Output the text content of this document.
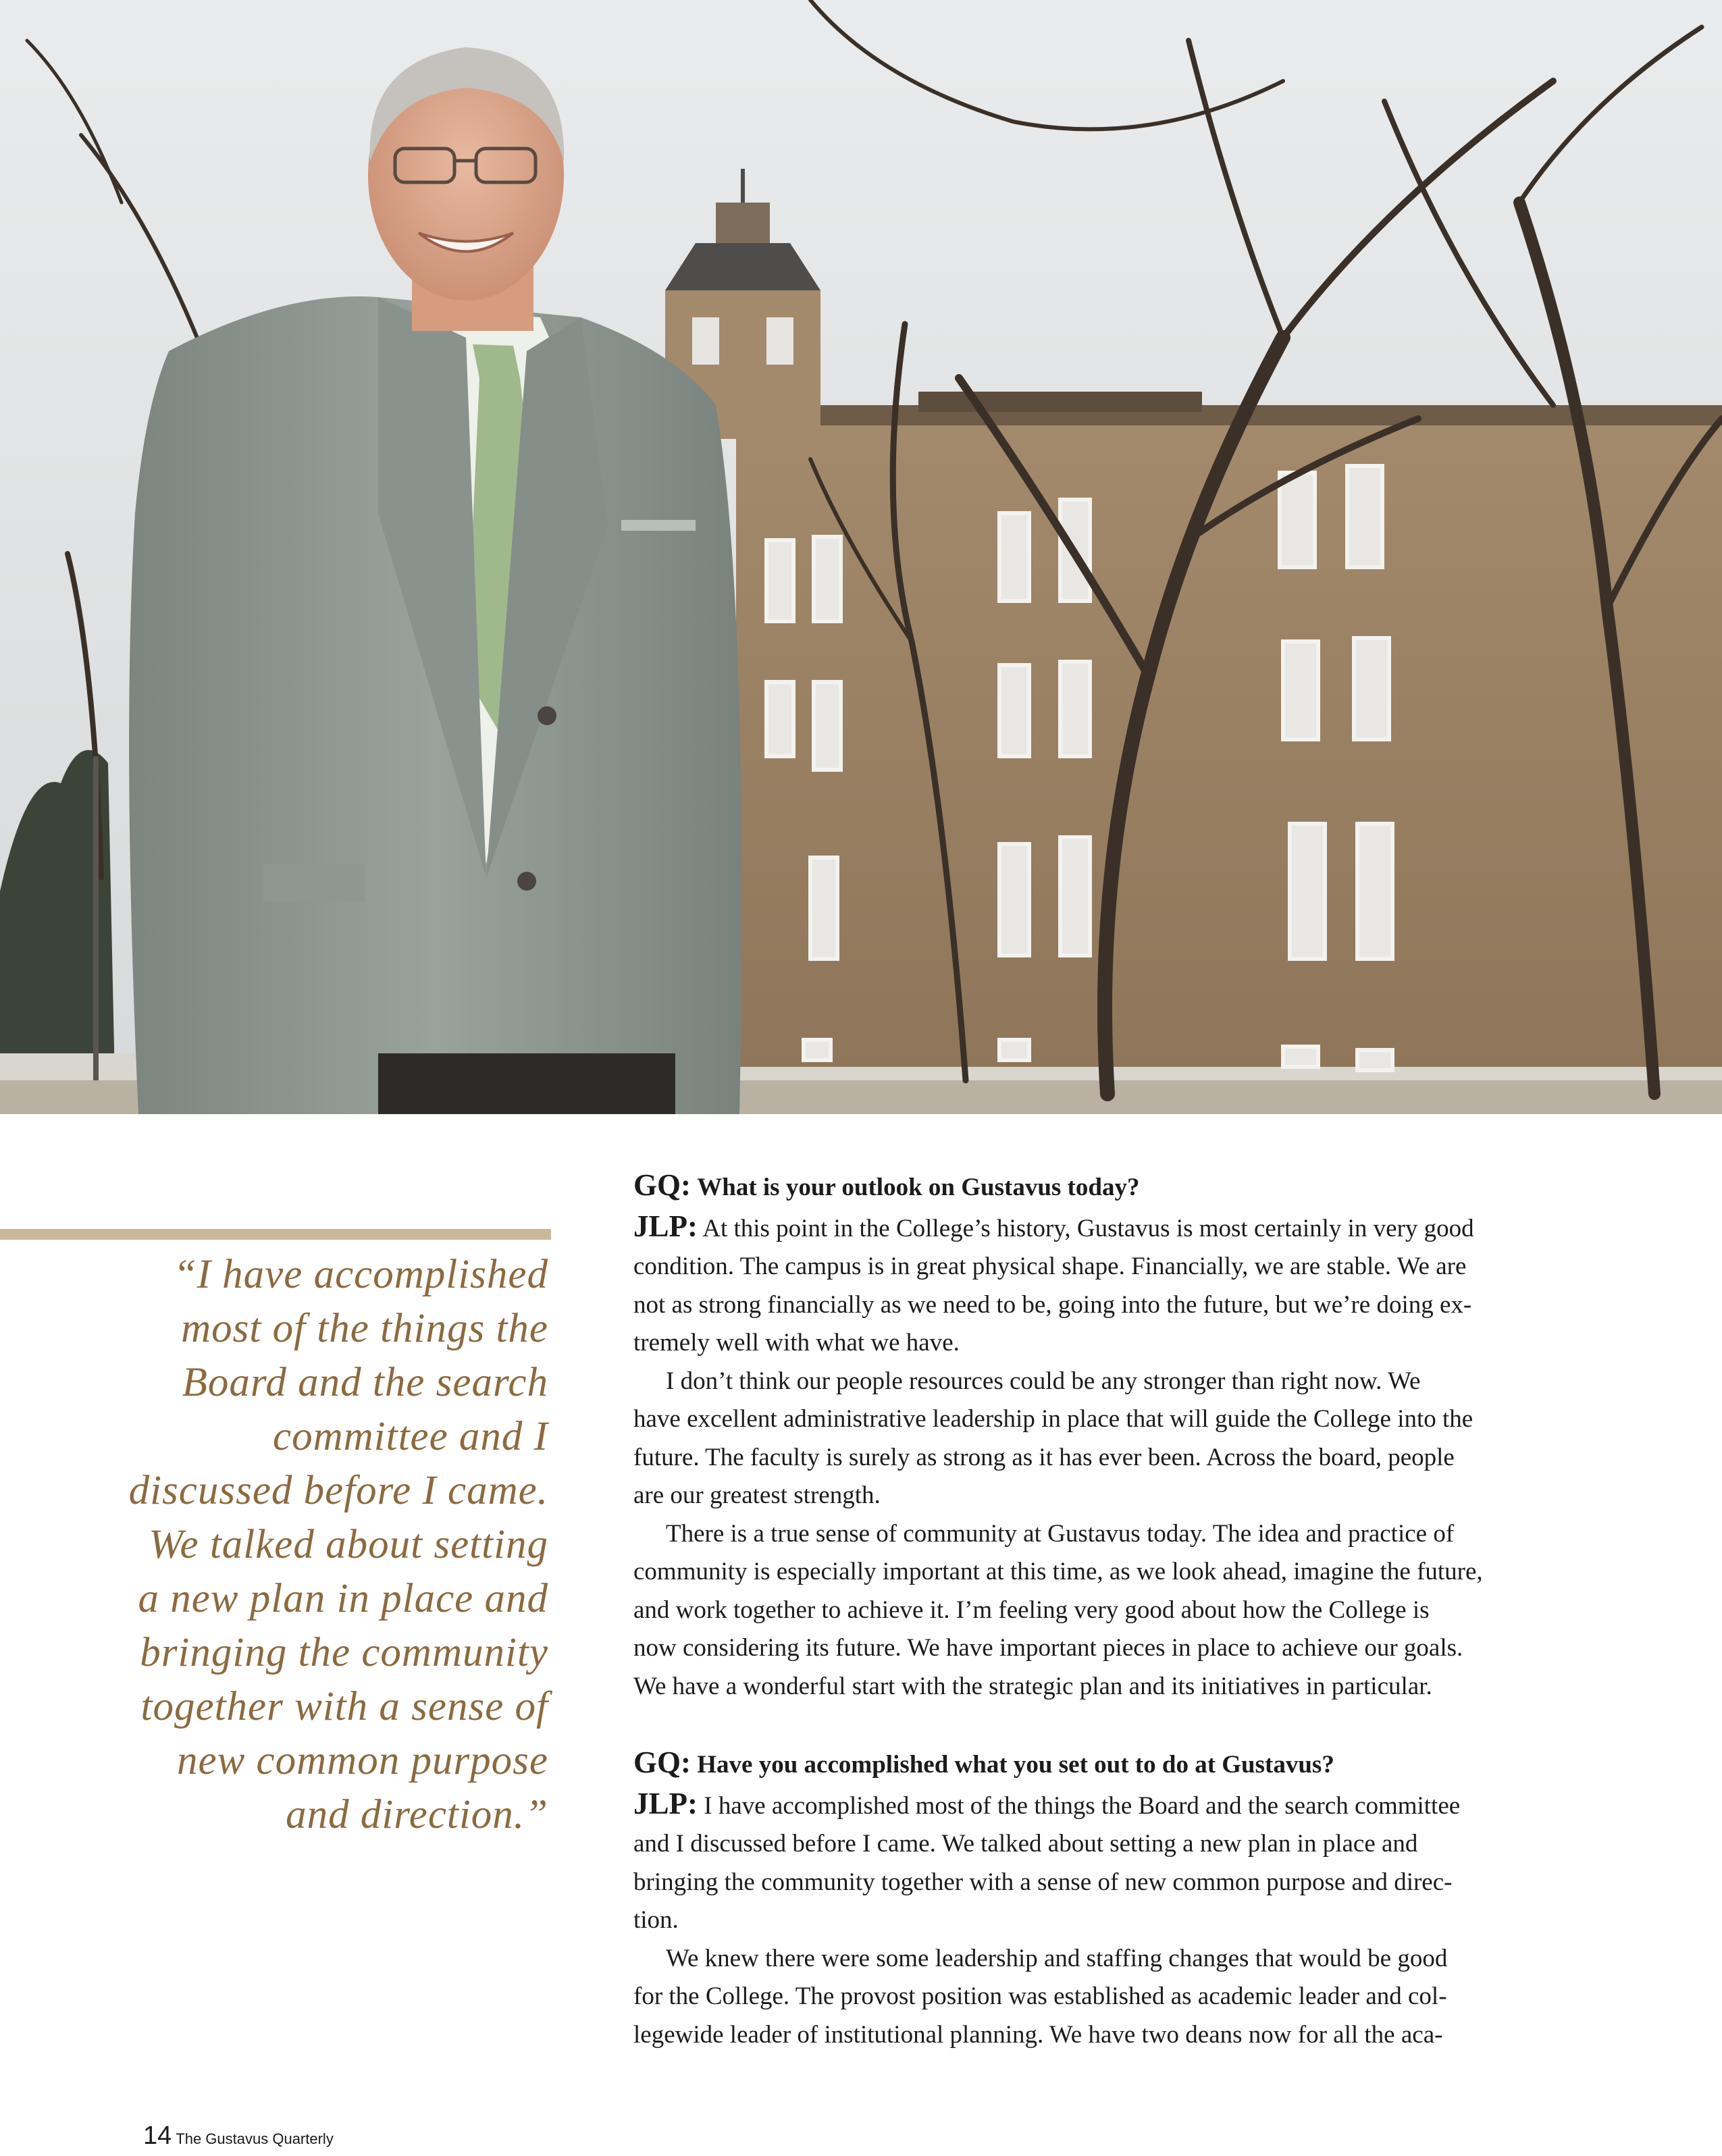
“I have accomplished
most of the things the
Board and the search
committee and I
discussed before I came.
We talked about setting
a new plan in place and
bringing the community
together with a sense of
new common purpose
and direction.”
GQ: What is your outlook on Gustavus today?
JLP: At this point in the College’s history, Gustavus is most certainly in very good
condition. The campus is in great physical shape. Financially, we are stable. We are
not as strong financially as we need to be, going into the future, but we’re doing ex-
tremely well with what we have.
I don’t think our people resources could be any stronger than right now. We
have excellent administrative leadership in place that will guide the College into the
future. The faculty is surely as strong as it has ever been. Across the board, people
are our greatest strength.
There is a true sense of community at Gustavus today. The idea and practice of
community is especially important at this time, as we look ahead, imagine the future,
and work together to achieve it. I’m feeling very good about how the College is
now considering its future. We have important pieces in place to achieve our goals.
We have a wonderful start with the strategic plan and its initiatives in particular.
GQ: Have you accomplished what you set out to do at Gustavus?
JLP: I have accomplished most of the things the Board and the search committee
and I discussed before I came. We talked about setting a new plan in place and
bringing the community together with a sense of new common purpose and direc-
tion.
We knew there were some leadership and staffing changes that would be good
for the College. The provost position was established as academic leader and col-
legewide leader of institutional planning. We have two deans now for all the aca-
14 The Gustavus Quarterly
